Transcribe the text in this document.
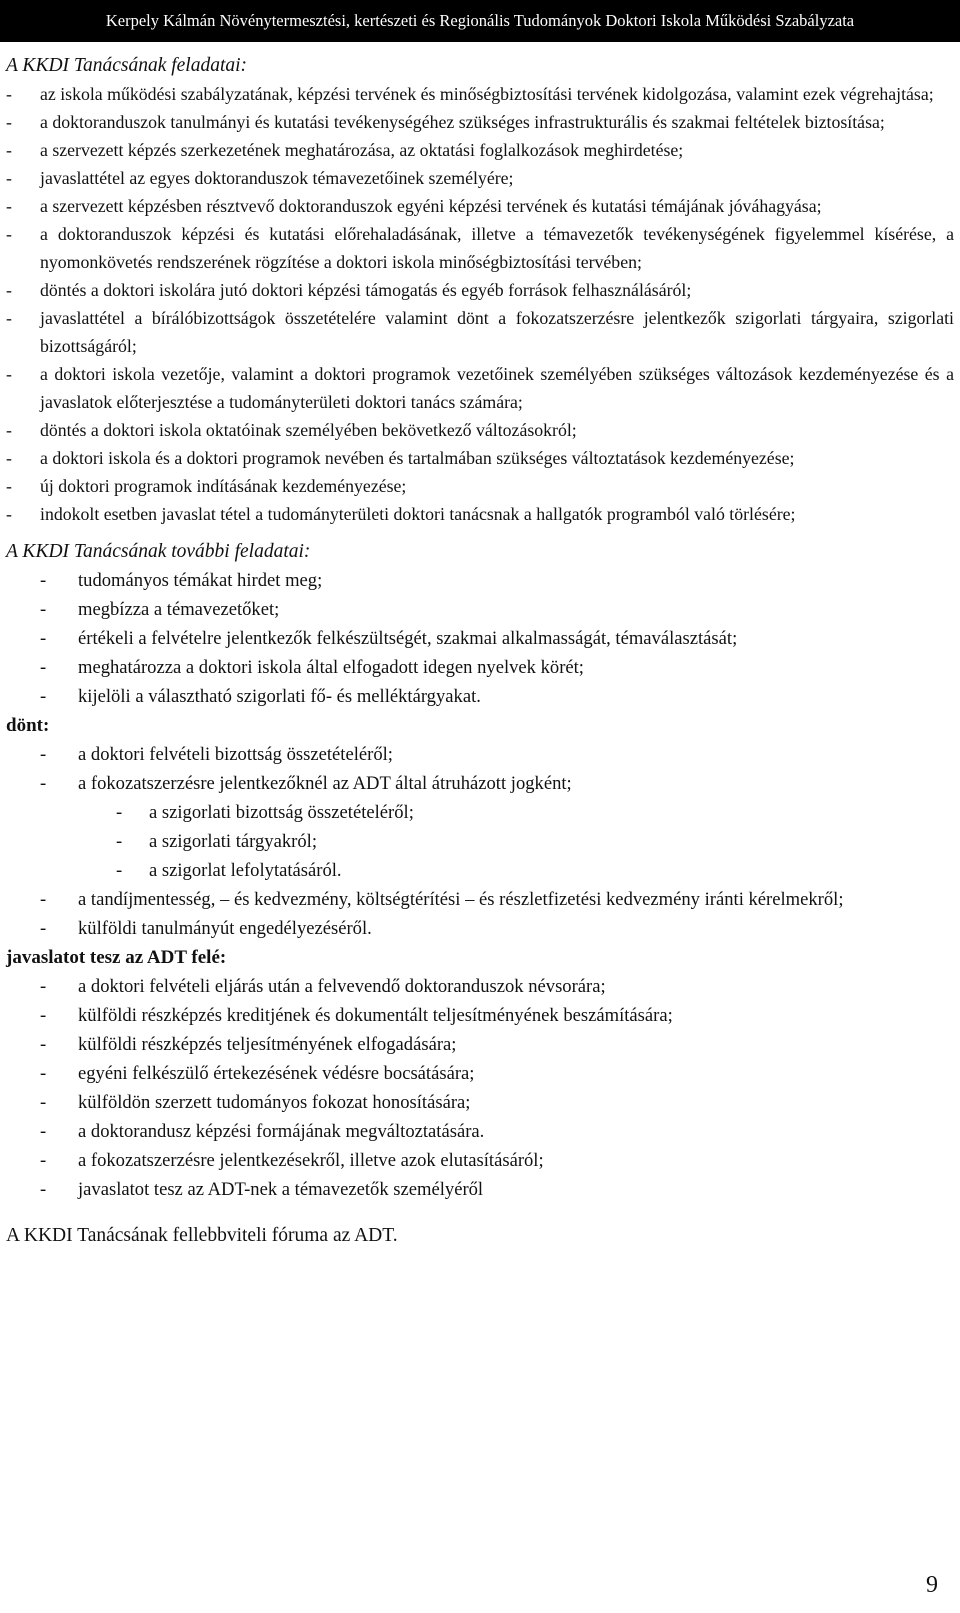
Kerpely Kálmán Növénytermesztési, kertészeti és Regionális Tudományok Doktori Iskola Működési Szabályzata

A KKDI Tanácsának feladatai:

- az iskola működési szabályzatának, képzési tervének és minőségbiztosítási tervének kidolgozása, valamint ezek végrehajtása;
- a doktoranduszok tanulmányi és kutatási tevékenységéhez szükséges infrastrukturális és szakmai feltételek biztosítása;
- a szervezett képzés szerkezetének meghatározása, az oktatási foglalkozások meghirdetése;
- javaslattétel az egyes doktoranduszok témavezetőinek személyére;
- a szervezett képzésben résztvevő doktoranduszok egyéni képzési tervének és kutatási témájának jóváhagyása;
- a doktoranduszok képzési és kutatási előrehaladásának, illetve a témavezetők tevékenységének figyelemmel kísérése, a nyomonkövetés rendszerének rögzítése a doktori iskola minőségbiztosítási tervében;
- döntés a doktori iskolára jutó doktori képzési támogatás és egyéb források felhasználásáról;
- javaslattétel a bírálóbizottságok összetételére valamint dönt a fokozatszerzésre jelentkezők szigorlati tárgyaira, szigorlati bizottságáról;
- a doktori iskola vezetője, valamint a doktori programok vezetőinek személyében szükséges változások kezdeményezése és a javaslatok előterjesztése a tudományterületi doktori tanács számára;
- döntés a doktori iskola oktatóinak személyében bekövetkező változásokról;
- a doktori iskola és a doktori programok nevében és tartalmában szükséges változtatások kezdeményezése;
- új doktori programok indításának kezdeményezése;
- indokolt esetben javaslat tétel a tudományterületi doktori tanácsnak a hallgatók programból való törlésére;

A KKDI Tanácsának további feladatai:

- tudományos témákat hirdet meg;
- megbízza a témavezetőket;
- értékeli a felvételre jelentkezők felkészültségét, szakmai alkalmasságát, témaválasztását;
- meghatározza a doktori iskola által elfogadott idegen nyelvek körét;
- kijelöli a választható szigorlati fő- és melléktárgyakat.

dönt:

- a doktori felvételi bizottság összetételéről;
- a fokozatszerzésre jelentkezőknél az ADT által átruházott jogként;
- a szigorlati bizottság összetételéről;
- a szigorlati tárgyakról;
- a szigorlat lefolytatásáról.
- a tandíjmentesség, – és kedvezmény, költségtérítési – és részletfizetési kedvezmény iránti kérelmekről;
- külföldi tanulmányút engedélyezéséről.

javaslatot tesz az ADT felé:

- a doktori felvételi eljárás után a felvevendő doktoranduszok névsorára;
- külföldi részképzés kreditjének és dokumentált teljesítményének beszámítására;
- külföldi részképzés teljesítményének elfogadására;
- egyéni felkészülő értekezésének védésre bocsátására;
- külföldön szerzett tudományos fokozat honosítására;
- a doktorandusz képzési formájának megváltoztatására.
- a fokozatszerzésre jelentkezésekről, illetve azok elutasításáról;
- javaslatot tesz az ADT-nek a témavezetők személyéről

A KKDI Tanácsának fellebbviteli fóruma az ADT.

9
